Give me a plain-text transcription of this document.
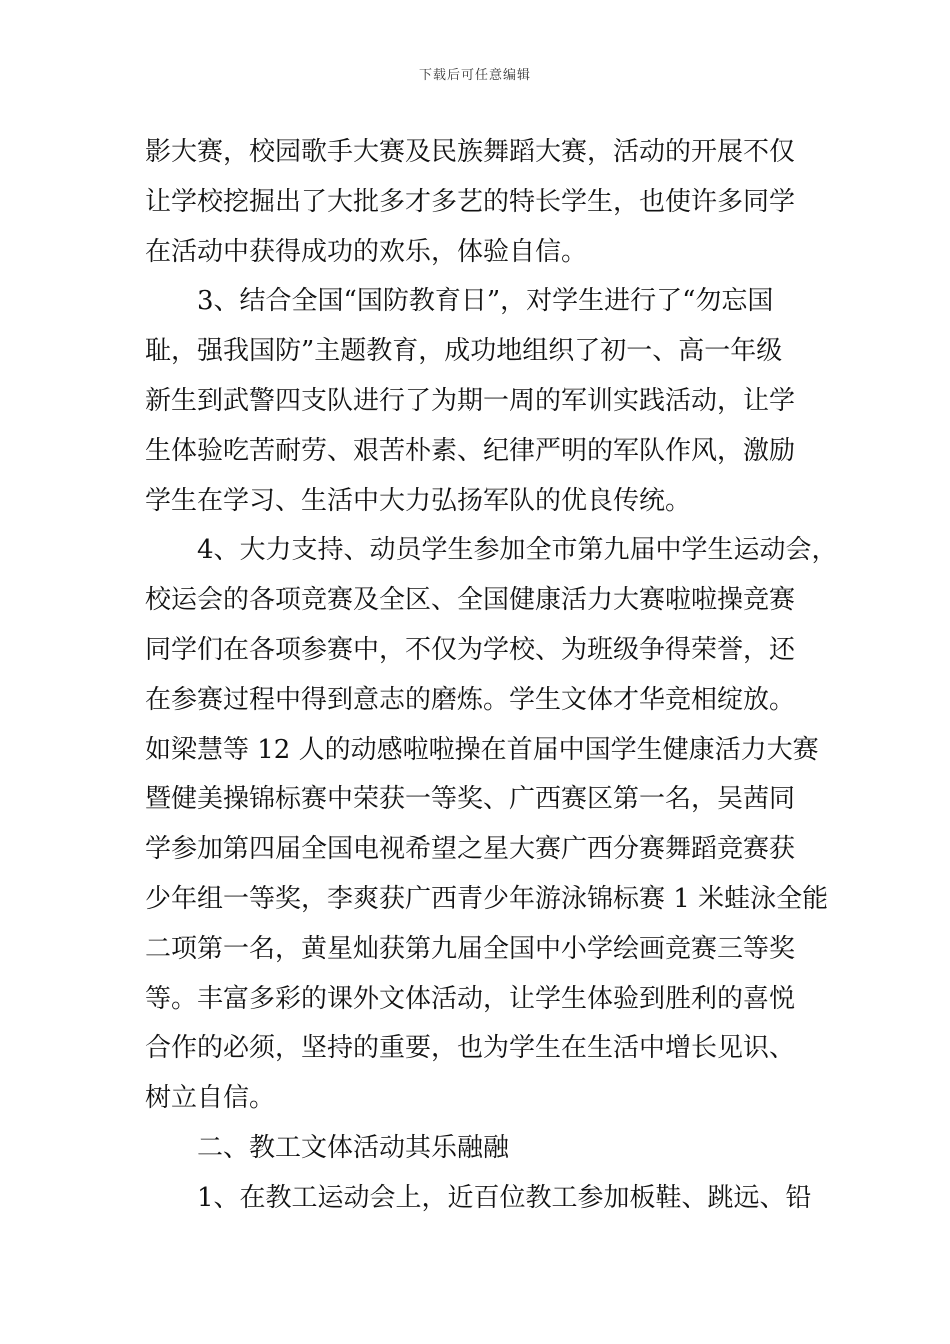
下载后可任意编辑
影大赛，校园歌手大赛及民族舞蹈大赛，活动的开展不仅
让学校挖掘出了大批多才多艺的特长学生，也使许多同学
在活动中获得成功的欢乐，体验自信。
3、结合全国“国防教育日”，对学生进行了“勿忘国
耻，强我国防”主题教育，成功地组织了初一、高一年级
新生到武警四支队进行了为期一周的军训实践活动，让学
生体验吃苦耐劳、艰苦朴素、纪律严明的军队作风，激励
学生在学习、生活中大力弘扬军队的优良传统。
4、大力支持、动员学生参加全市第九届中学生运动会，
校运会的各项竞赛及全区、全国健康活力大赛啦啦操竞赛
同学们在各项参赛中，不仅为学校、为班级争得荣誉，还
在参赛过程中得到意志的磨炼。学生文体才华竞相绽放。
如梁慧等 12 人的动感啦啦操在首届中国学生健康活力大赛
暨健美操锦标赛中荣获一等奖、广西赛区第一名，吴茜同
学参加第四届全国电视希望之星大赛广西分赛舞蹈竞赛获
少年组一等奖，李爽获广西青少年游泳锦标赛 1 米蛙泳全能
二项第一名，黄星灿获第九届全国中小学绘画竞赛三等奖
等。丰富多彩的课外文体活动，让学生体验到胜利的喜悦
合作的必须，坚持的重要，也为学生在生活中增长见识、
树立自信。
二、教工文体活动其乐融融
1、在教工运动会上，近百位教工参加板鞋、跳远、铅
